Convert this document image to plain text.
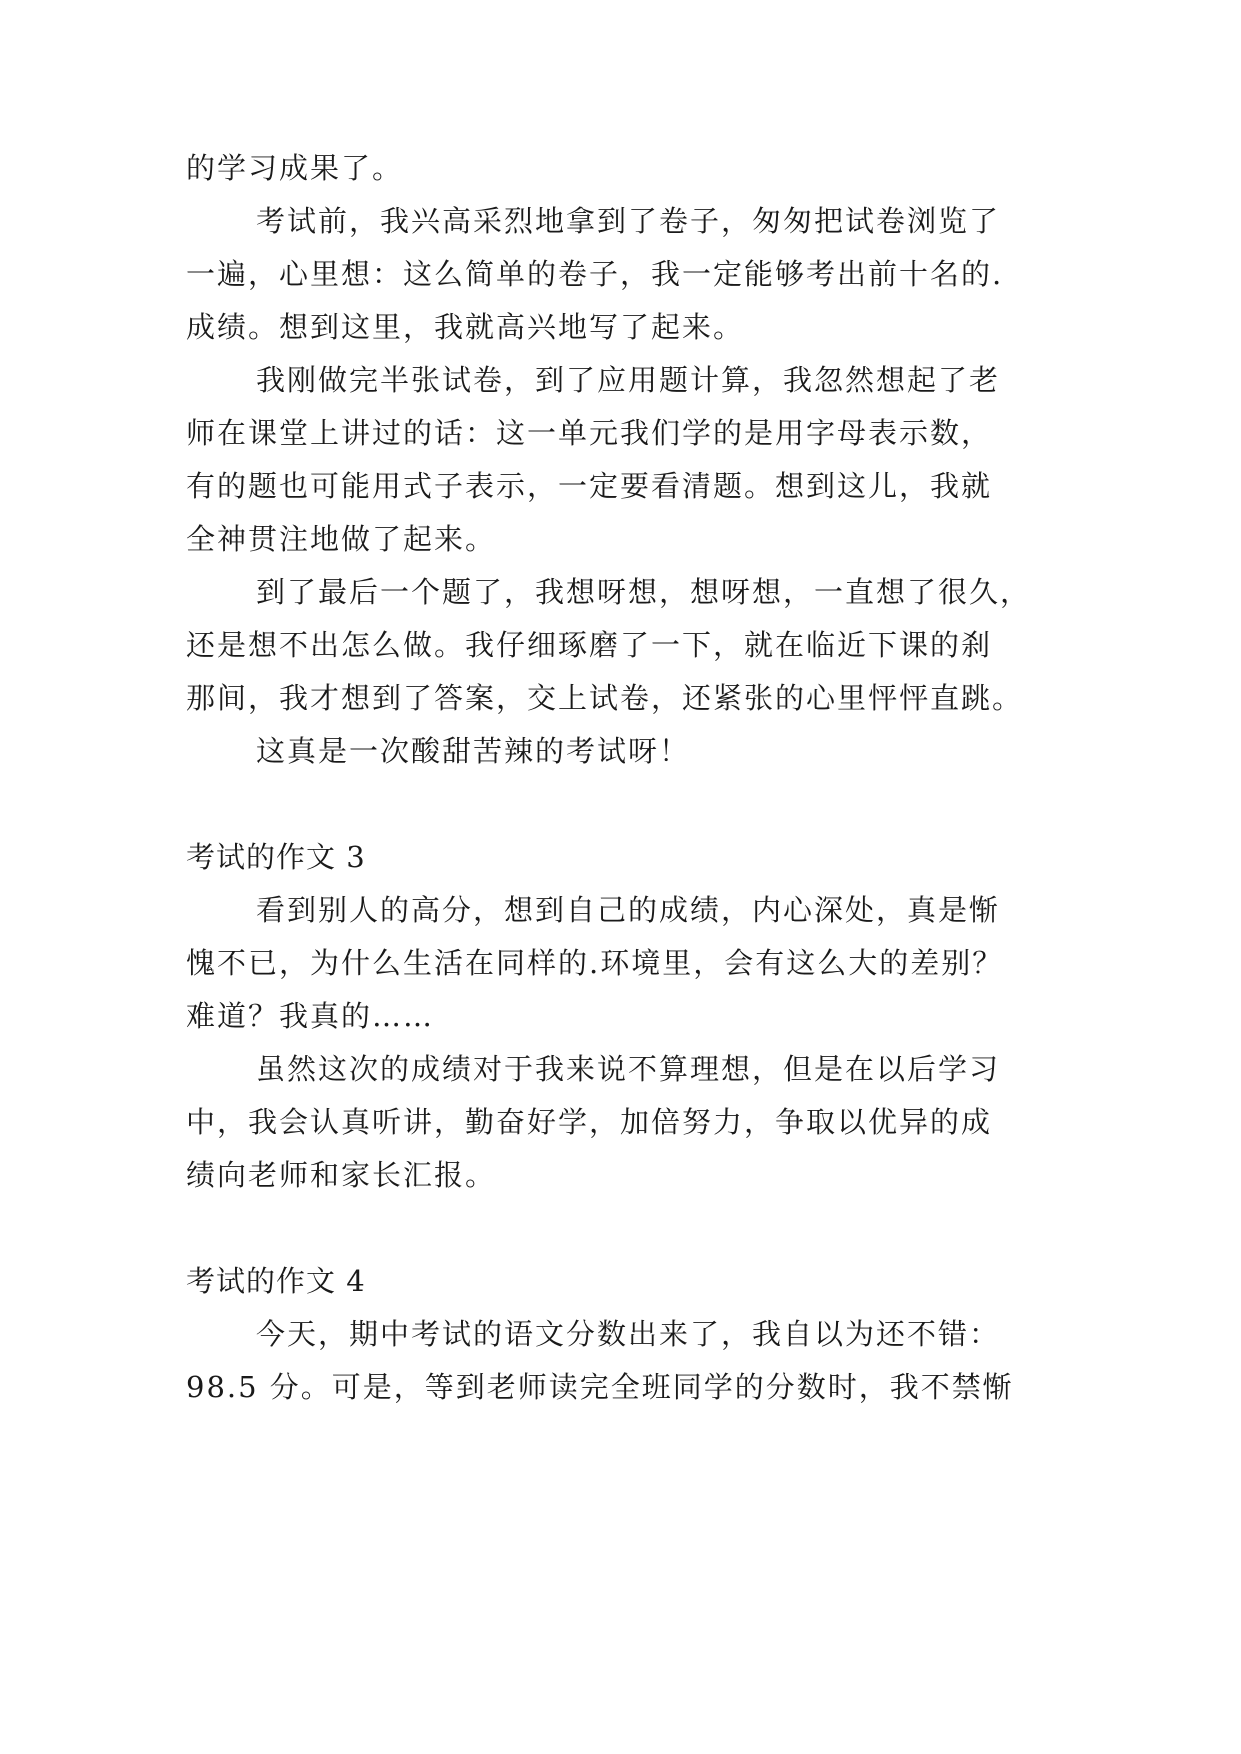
的学习成果了。
考试前，我兴高采烈地拿到了卷子，匆匆把试卷浏览了
一遍，心里想：这么简单的卷子，我一定能够考出前十名的.
成绩。想到这里，我就高兴地写了起来。
我刚做完半张试卷，到了应用题计算，我忽然想起了老
师在课堂上讲过的话：这一单元我们学的是用字母表示数，
有的题也可能用式子表示，一定要看清题。想到这儿，我就
全神贯注地做了起来。
到了最后一个题了，我想呀想，想呀想，一直想了很久，
还是想不出怎么做。我仔细琢磨了一下，就在临近下课的刹
那间，我才想到了答案，交上试卷，还紧张的心里怦怦直跳。
这真是一次酸甜苦辣的考试呀！
考试的作文 3
看到别人的高分，想到自己的成绩，内心深处，真是惭
愧不已，为什么生活在同样的.环境里，会有这么大的差别？
难道？我真的……
虽然这次的成绩对于我来说不算理想，但是在以后学习
中，我会认真听讲，勤奋好学，加倍努力，争取以优异的成
绩向老师和家长汇报。
考试的作文 4
今天，期中考试的语文分数出来了，我自以为还不错：
98.5 分。可是，等到老师读完全班同学的分数时，我不禁惭
